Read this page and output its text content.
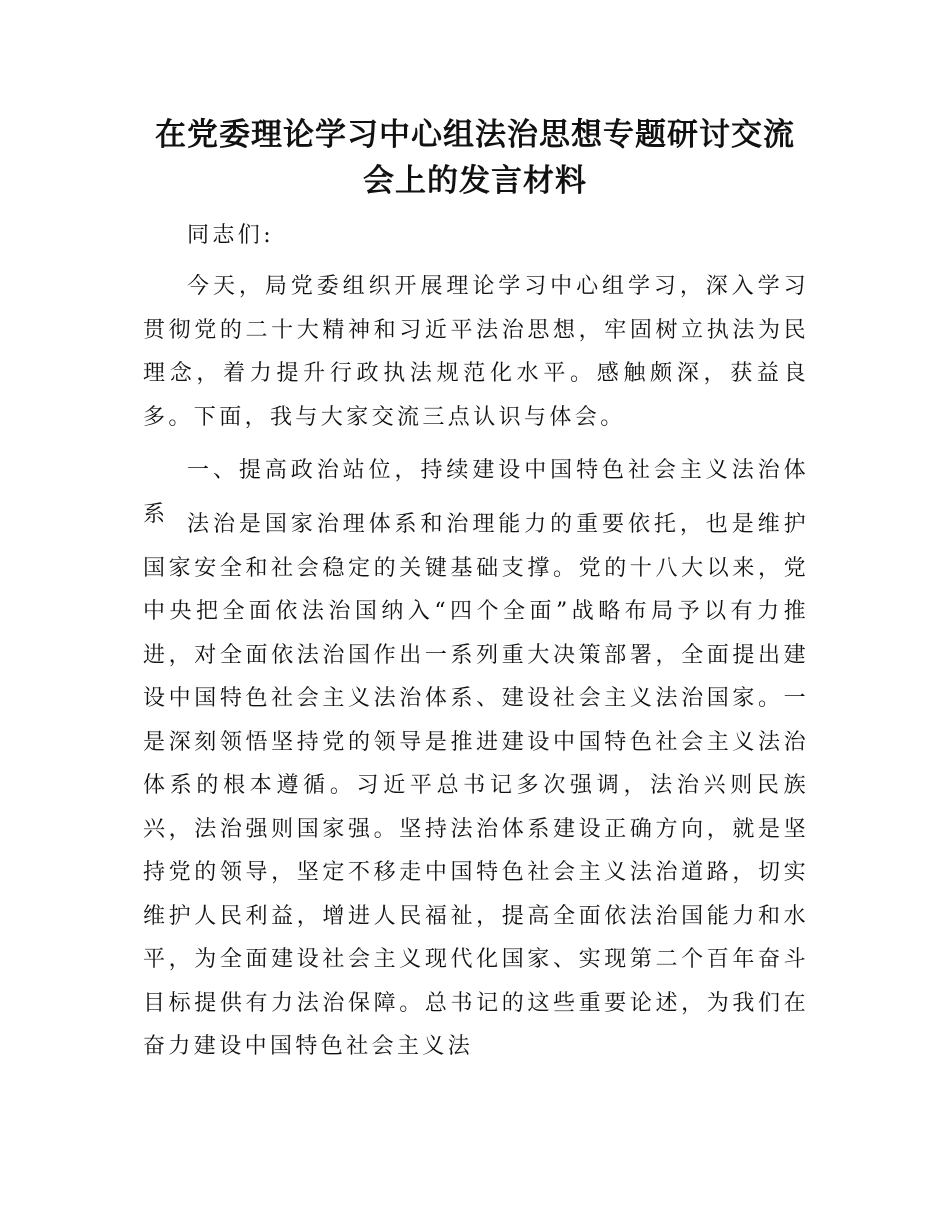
在党委理论学习中心组法治思想专题研讨交流会上的发言材料

同志们:

今天，局党委组织开展理论学习中心组学习，深入学习贯彻党的二十大精神和习近平法治思想，牢固树立执法为民理念，着力提升行政执法规范化水平。感触颇深，获益良多。下面，我与大家交流三点认识与体会。

一、提高政治站位，持续建设中国特色社会主义法治体系 法治是国家治理体系和治理能力的重要依托，也是维护国家安全和社会稳定的关键基础支撑。党的十八大以来，党中央把全面依法治国纳入“四个全面”战略布局予以有力推进，对全面依法治国作出一系列重大决策部署，全面提出建设中国特色社会主义法治体系、建设社会主义法治国家。一是深刻领悟坚持党的领导是推进建设中国特色社会主义法治体系的根本遵循。习近平总书记多次强调，法治兴则民族兴，法治强则国家强。坚持法治体系建设正确方向，就是坚持党的领导，坚定不移走中国特色社会主义法治道路，切实维护人民利益，增进人民福祉，提高全面依法治国能力和水平，为全面建设社会主义现代化国家、实现第二个百年奋斗目标提供有力法治保障。总书记的这些重要论述，为我们在奋力建设中国特色社会主义法
